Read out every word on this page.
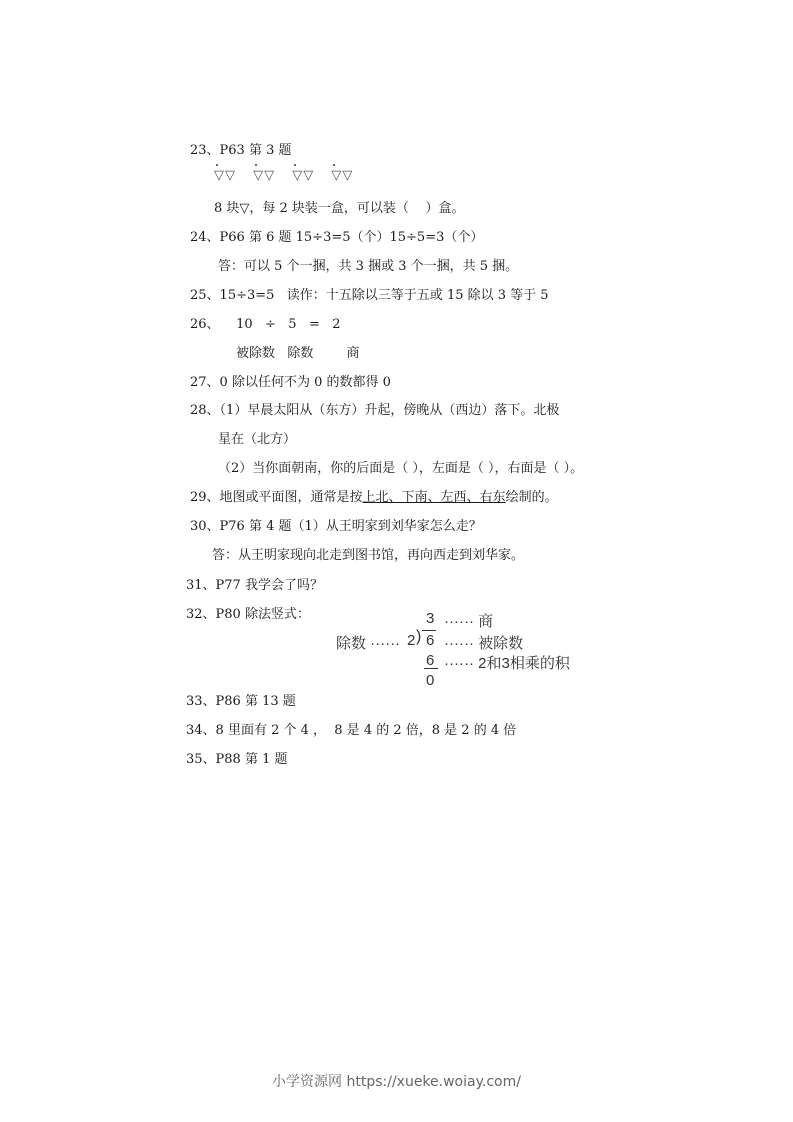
23、P63 第 3 题
▽▽ ▽▽ ▽▽ ▽▽
8 块▽，每 2 块装一盒，可以装（    ）盒。
24、P66 第 6 题 15÷3=5（个）15÷5=3（个）
答：可以 5 个一捆，共 3 捆或 3 个一捆，共 5 捆。
25、15÷3=5   读作：十五除以三等于五或 15 除以 3 等于 5
26、    10   ÷   5   =   2
被除数   除数        商
27、0 除以任何不为 0 的数都得 0
28、（1）早晨太阳从（东方）升起，傍晚从（西边）落下。北极
星在（北方）
（2）当你面朝南，你的后面是（ ），左面是（ ），右面是（ ）。
29、地图或平面图，通常是按上北、下南、左西、右东绘制的。
30、P76 第 4 题（1）从王明家到刘华家怎么走？
答：从王明家现向北走到图书馆，再向西走到刘华家。
31、P77 我学会了吗？
32、P80 除法竖式：	3 ······ 商
除数 ······ 2 ) 6 ······ 被除数
6 ······ 2和3相乘的积
0
33、P86 第 13 题
34、8 里面有 2 个 4 ，  8 是 4 的 2 倍，8 是 2 的 4 倍
35、P88 第 1 题
小学资源网 https://xueke.woiay.com/
